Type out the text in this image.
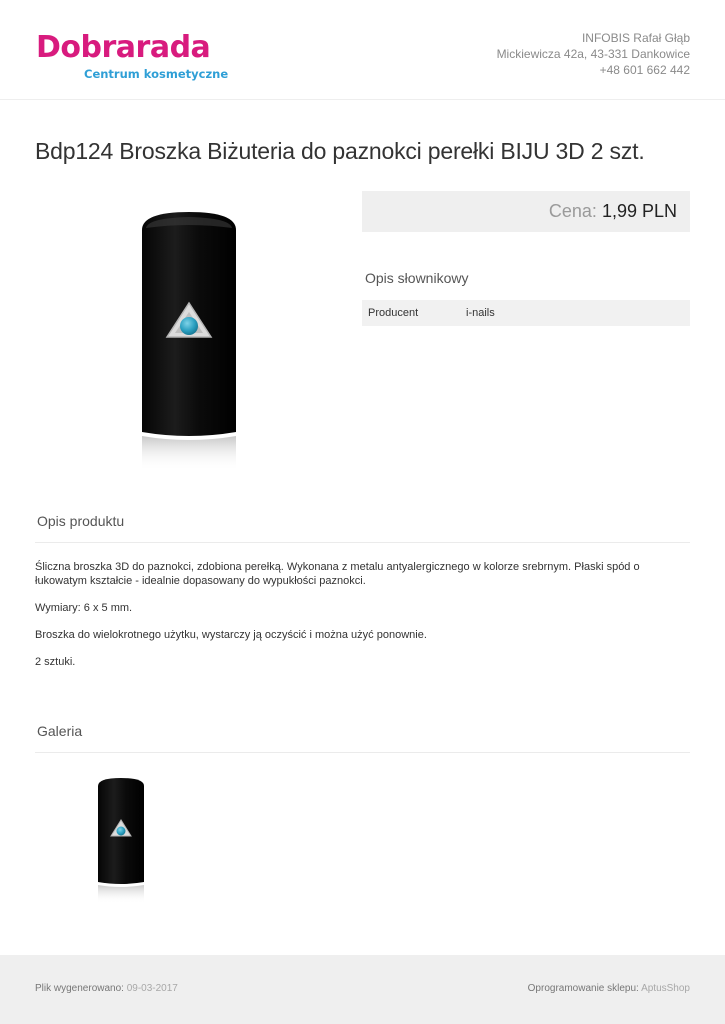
Dobrarada
Centrum kosmetyczne
INFOBIS Rafał Głąb
Mickiewicza 42a, 43-331 Dankowice
+48 601 662 442
Bdp124 Broszka Biżuteria do paznokci perełki BIJU 3D 2 szt.
Cena: 1,99 PLN
Opis słownikowy
Producent	i-nails
Opis produktu

Śliczna broszka 3D do paznokci, zdobiona perełką. Wykonana z metalu antyalergicznego w kolorze srebrnym. Płaski spód o łukowatym kształcie - idealnie dopasowany do wypukłości paznokci.

Wymiary: 6 x 5 mm.

Broszka do wielokrotnego użytku, wystarczy ją oczyścić i można użyć ponownie.

2 sztuki.

Galeria
Plik wygenerowano: 09-03-2017	Oprogramowanie sklepu: AptusShop
